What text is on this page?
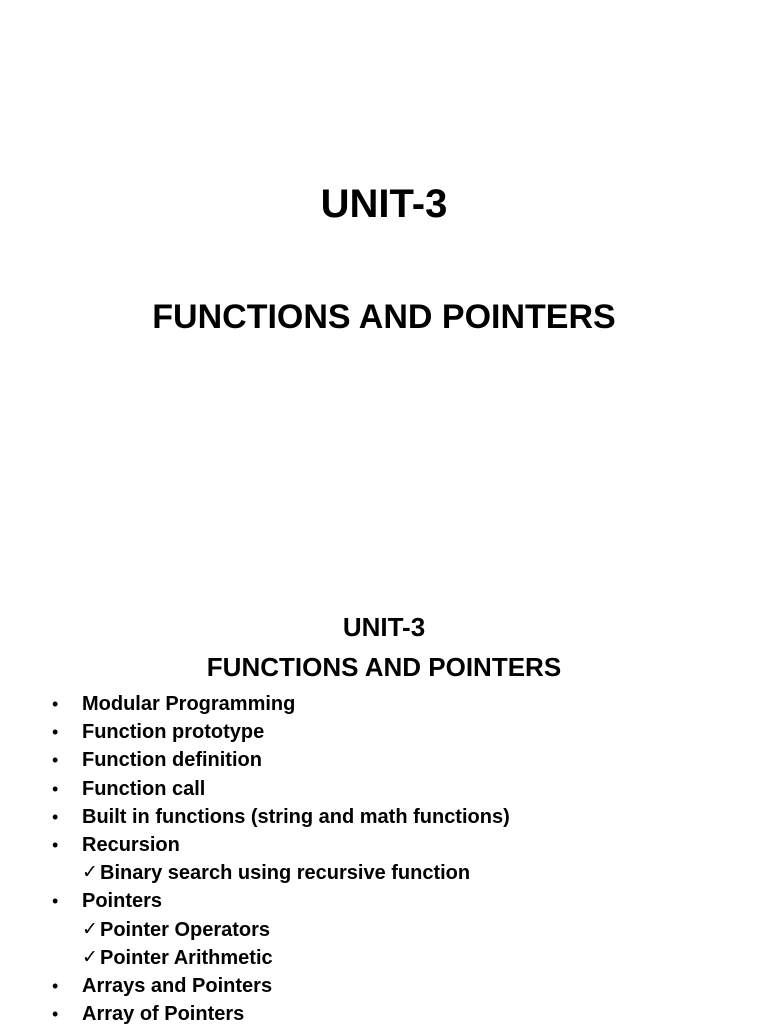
UNIT-3
FUNCTIONS AND POINTERS
UNIT-3
FUNCTIONS AND POINTERS
• Modular Programming
• Function prototype
• Function definition
• Function call
• Built in functions (string and math functions)
• Recursion
✓ Binary search using recursive function
• Pointers
✓ Pointer Operators
✓ Pointer Arithmetic
• Arrays and Pointers
• Array of Pointers
